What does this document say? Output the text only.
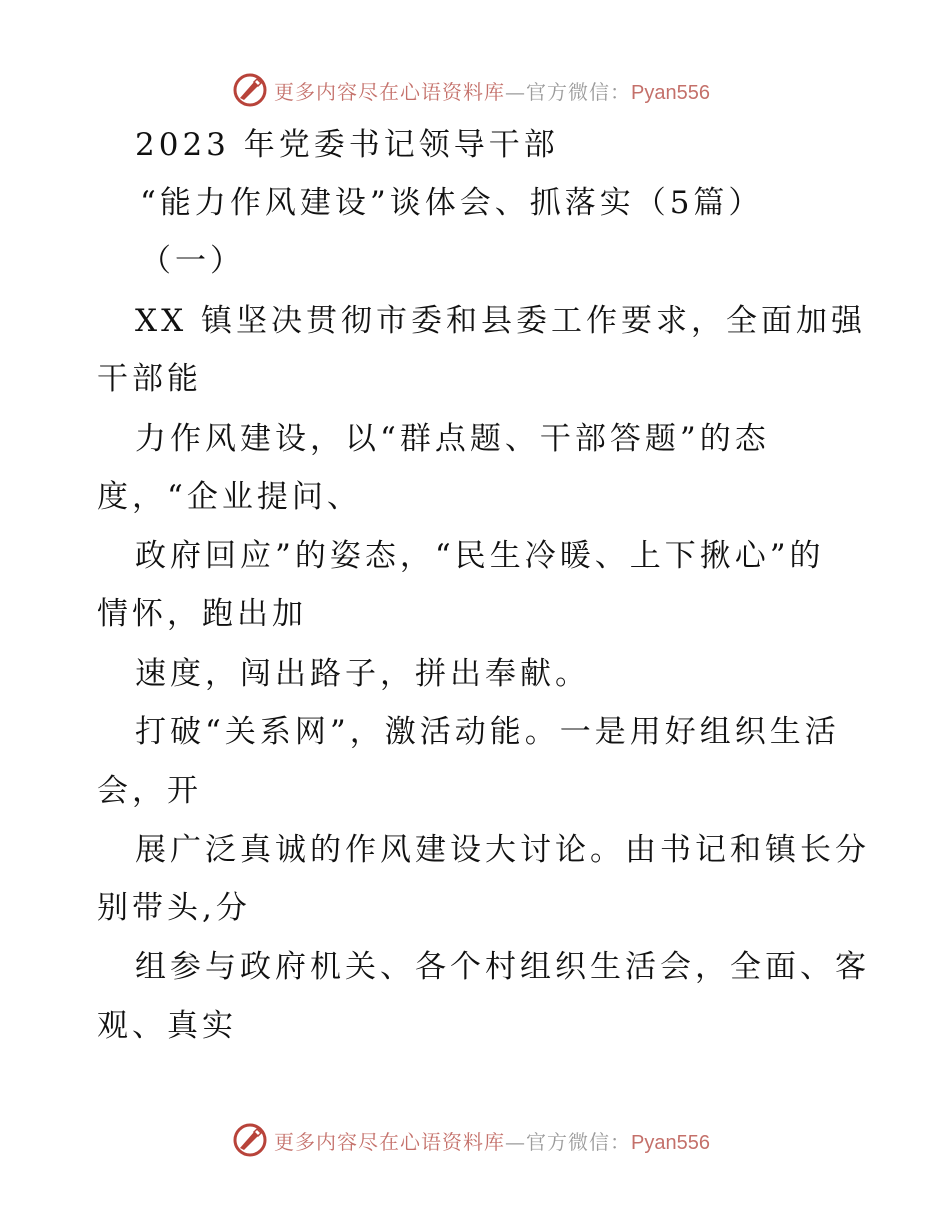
更多内容尽在心语资料库—官方微信：Pyan556
2023 年党委书记领导干部
“能力作风建设”谈体会、抓落实（5篇）
（一）
XX 镇坚决贯彻市委和县委工作要求，全面加强
干部能
力作风建设，以“群点题、干部答题”的态
度，“企业提问、
政府回应”的姿态，“民生冷暖、上下揪心”的
情怀，跑出加
速度，闯出路子，拼出奉献。
打破“关系网”，激活动能。一是用好组织生活
会，开
展广泛真诚的作风建设大讨论。由书记和镇长分
别带头,分
组参与政府机关、各个村组织生活会，全面、客
观、真实
更多内容尽在心语资料库—官方微信：Pyan556
